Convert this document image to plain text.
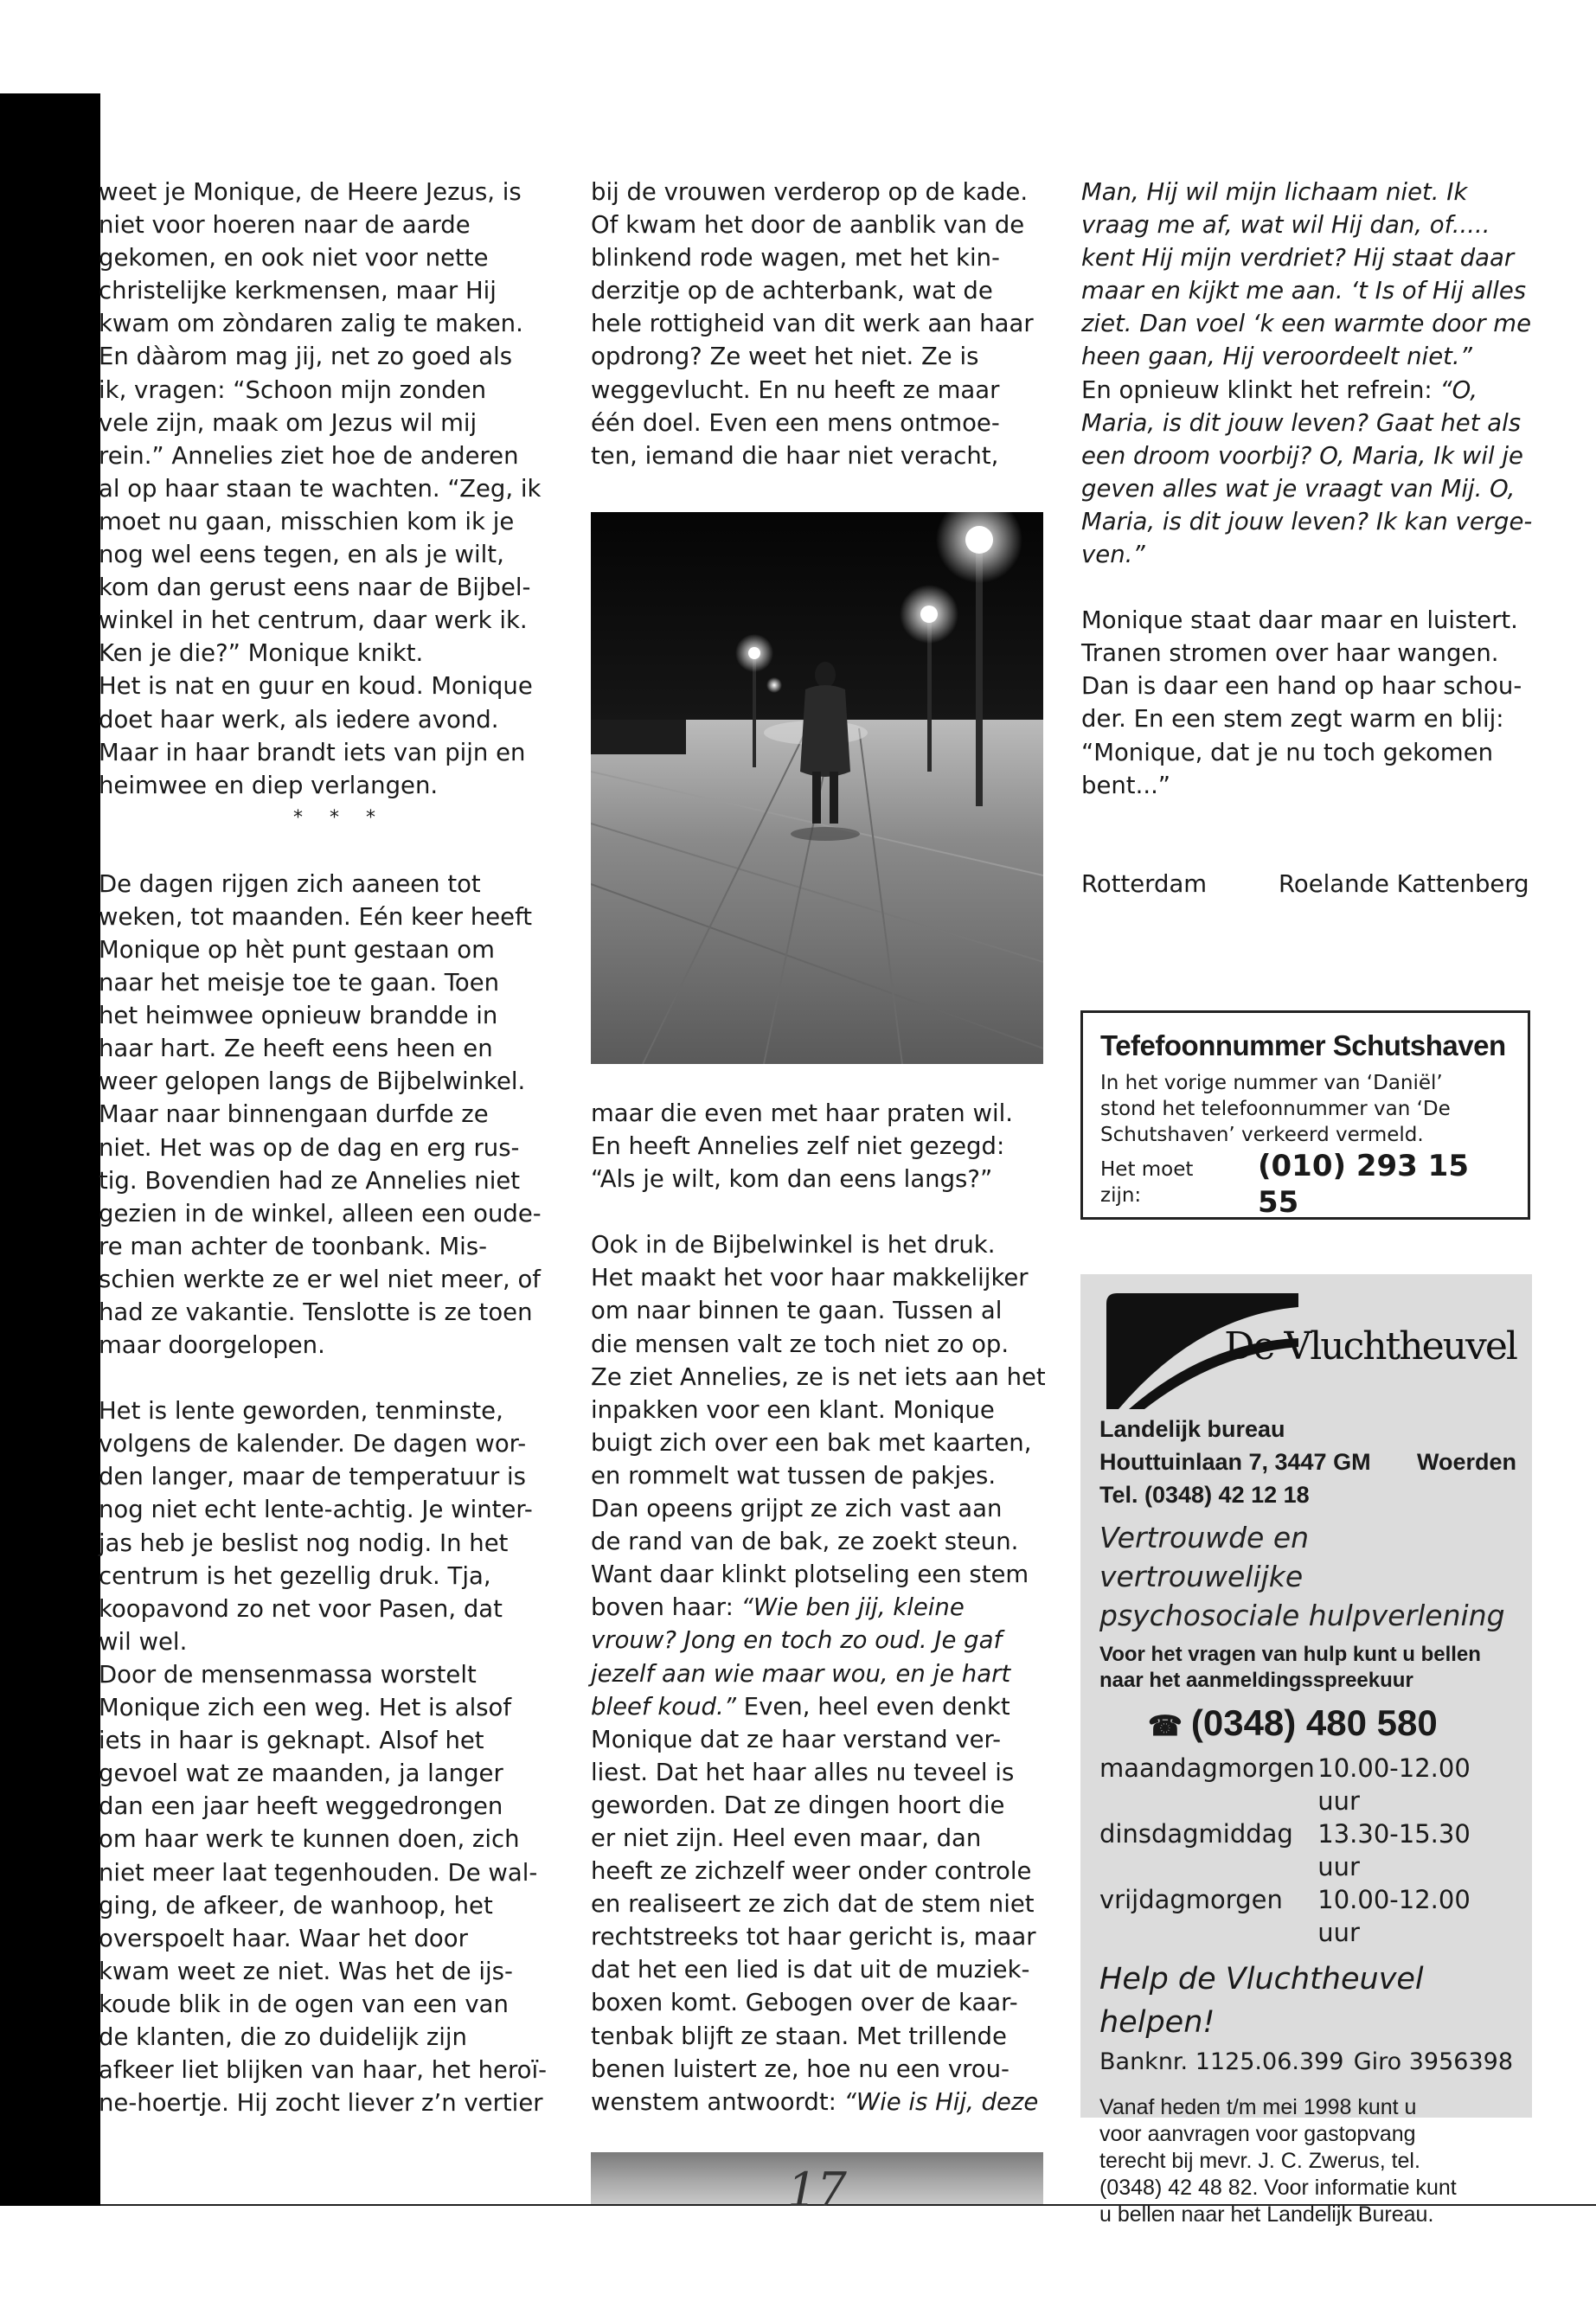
weet je Monique, de Heere Jezus, is
niet voor hoeren naar de aarde
gekomen, en ook niet voor nette
christelijke kerkmensen, maar Hij
kwam om zòndaren zalig te maken.
En dààrom mag jij, net zo goed als
ik, vragen: “Schoon mijn zonden
vele zijn, maak om Jezus wil mij
rein.” Annelies ziet hoe de anderen
al op haar staan te wachten. “Zeg, ik
moet nu gaan, misschien kom ik je
nog wel eens tegen, en als je wilt,
kom dan gerust eens naar de Bijbel-
winkel in het centrum, daar werk ik.
Ken je die?” Monique knikt.
Het is nat en guur en koud. Monique
doet haar werk, als iedere avond.
Maar in haar brandt iets van pijn en
heimwee en diep verlangen.

* * *

De dagen rijgen zich aaneen tot
weken, tot maanden. Eén keer heeft
Monique op hèt punt gestaan om
naar het meisje toe te gaan. Toen
het heimwee opnieuw brandde in
haar hart. Ze heeft eens heen en
weer gelopen langs de Bijbelwinkel.
Maar naar binnengaan durfde ze
niet. Het was op de dag en erg rus-
tig. Bovendien had ze Annelies niet
gezien in de winkel, alleen een oude-
re man achter de toonbank. Mis-
schien werkte ze er wel niet meer, of
had ze vakantie. Tenslotte is ze toen
maar doorgelopen.

Het is lente geworden, tenminste,
volgens de kalender. De dagen wor-
den langer, maar de temperatuur is
nog niet echt lente-achtig. Je winter-
jas heb je beslist nog nodig. In het
centrum is het gezellig druk. Tja,
koopavond zo net voor Pasen, dat
wil wel.
Door de mensenmassa worstelt
Monique zich een weg. Het is alsof
iets in haar is geknapt. Alsof het
gevoel wat ze maanden, ja langer
dan een jaar heeft weggedrongen
om haar werk te kunnen doen, zich
niet meer laat tegenhouden. De wal-
ging, de afkeer, de wanhoop, het
overspoelt haar. Waar het door
kwam weet ze niet. Was het de ijs-
koude blik in de ogen van een van
de klanten, die zo duidelijk zijn
afkeer liet blijken van haar, het heroï-
ne-hoertje. Hij zocht liever z’n vertier

bij de vrouwen verderop op de kade.
Of kwam het door de aanblik van de
blinkend rode wagen, met het kin-
derzitje op de achterbank, wat de
hele rottigheid van dit werk aan haar
opdrong? Ze weet het niet. Ze is
weggevlucht. En nu heeft ze maar
één doel. Even een mens ontmoe-
ten, iemand die haar niet veracht,

maar die even met haar praten wil.
En heeft Annelies zelf niet gezegd:
“Als je wilt, kom dan eens langs?”

Ook in de Bijbelwinkel is het druk.
Het maakt het voor haar makkelijker
om naar binnen te gaan. Tussen al
die mensen valt ze toch niet zo op.
Ze ziet Annelies, ze is net iets aan het
inpakken voor een klant. Monique
buigt zich over een bak met kaarten,
en rommelt wat tussen de pakjes.
Dan opeens grijpt ze zich vast aan
de rand van de bak, ze zoekt steun.
Want daar klinkt plotseling een stem
boven haar: “Wie ben jij, kleine
vrouw? Jong en toch zo oud. Je gaf
jezelf aan wie maar wou, en je hart
bleef koud.” Even, heel even denkt
Monique dat ze haar verstand ver-
liest. Dat het haar alles nu teveel is
geworden. Dat ze dingen hoort die
er niet zijn. Heel even maar, dan
heeft ze zichzelf weer onder controle
en realiseert ze zich dat de stem niet
rechtstreeks tot haar gericht is, maar
dat het een lied is dat uit de muziek-
boxen komt. Gebogen over de kaar-
tenbak blijft ze staan. Met trillende
benen luistert ze, hoe nu een vrou-
wenstem antwoordt: “Wie is Hij, deze

Man, Hij wil mijn lichaam niet. Ik
vraag me af, wat wil Hij dan, of.....
kent Hij mijn verdriet? Hij staat daar
maar en kijkt me aan. ‘t Is of Hij alles
ziet. Dan voel ‘k een warmte door me
heen gaan, Hij veroordeelt niet.”
En opnieuw klinkt het refrein: “O,
Maria, is dit jouw leven? Gaat het als
een droom voorbij? O, Maria, Ik wil je
geven alles wat je vraagt van Mij. O,
Maria, is dit jouw leven? Ik kan verge-
ven.”

Monique staat daar maar en luistert.
Tranen stromen over haar wangen.
Dan is daar een hand op haar schou-
der. En een stem zegt warm en blij:
“Monique, dat je nu toch gekomen
bent...”

Rotterdam	Roelande Kattenberg

Tefefoonnummer Schutshaven

In het vorige nummer van ‘Daniël’
stond het telefoonnummer van ‘De
Schutshaven’ verkeerd vermeld.

Het moet zijn:
(010) 293 15 55
De Vluchtheuvel

Landelijk bureau

Houttuinlaan 7, 3447 GM Woerden

Tel. (0348) 42 12 18

Vertrouwde en vertrouwelijke
psychosociale hulpverlening

Voor het vragen van hulp kunt u bellen
naar het aanmeldingsspreekuur

☎ (0348) 480 580

maandagmorgen 10.00-12.00 uur
dinsdagmiddag 13.30-15.30 uur
vrijdagmorgen	10.00-12.00 uur

Help de Vluchtheuvel helpen!

Banknr. 1125.06.399 Giro 3956398

Vanaf heden t/m mei 1998 kunt u
voor aanvragen voor gastopvang
terecht bij mevr. J. C. Zwerus, tel.
(0348) 42 48 82. Voor informatie kunt
u bellen naar het Landelijk Bureau.

17
